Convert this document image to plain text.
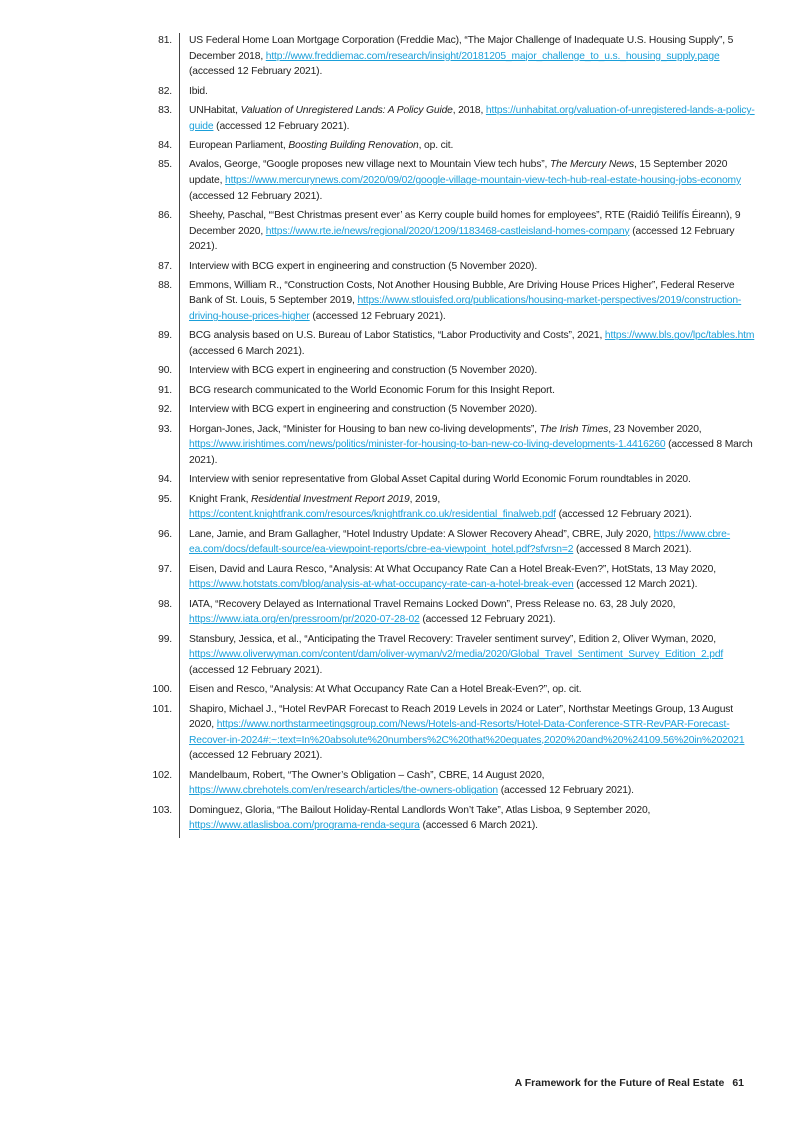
81.	US Federal Home Loan Mortgage Corporation (Freddie Mac), “The Major Challenge of Inadequate U.S. Housing Supply”, 5 December 2018, http://www.freddiemac.com/research/insight/20181205_major_challenge_to_u.s._housing_supply.page (accessed 12 February 2021).
82.	Ibid.
83.	UNHabitat, Valuation of Unregistered Lands: A Policy Guide, 2018, https://unhabitat.org/valuation-of-unregistered-lands-a-policy-guide (accessed 12 February 2021).
84.	European Parliament, Boosting Building Renovation, op. cit.
85.	Avalos, George, “Google proposes new village next to Mountain View tech hubs”, The Mercury News, 15 September 2020 update, https://www.mercurynews.com/2020/09/02/google-village-mountain-view-tech-hub-real-estate-housing-jobs-economy (accessed 12 February 2021).
86.	Sheehy, Paschal, “‘Best Christmas present ever’ as Kerry couple build homes for employees”, RTE (Raidió Teilifís Éireann), 9 December 2020, https://www.rte.ie/news/regional/2020/1209/1183468-castleisland-homes-company (accessed 12 February 2021).
87.	Interview with BCG expert in engineering and construction (5 November 2020).
88.	Emmons, William R., “Construction Costs, Not Another Housing Bubble, Are Driving House Prices Higher”, Federal Reserve Bank of St. Louis, 5 September 2019, https://www.stlouisfed.org/publications/housing-market-perspectives/2019/construction-driving-house-prices-higher (accessed 12 February 2021).
89.	BCG analysis based on U.S. Bureau of Labor Statistics, “Labor Productivity and Costs”, 2021, https://www.bls.gov/lpc/tables.htm (accessed 6 March 2021).
90.	Interview with BCG expert in engineering and construction (5 November 2020).
91.	BCG research communicated to the World Economic Forum for this Insight Report.
92.	Interview with BCG expert in engineering and construction (5 November 2020).
93.	Horgan-Jones, Jack, “Minister for Housing to ban new co-living developments”, The Irish Times, 23 November 2020, https://www.irishtimes.com/news/politics/minister-for-housing-to-ban-new-co-living-developments-1.4416260 (accessed 8 March 2021).
94.	Interview with senior representative from Global Asset Capital during World Economic Forum roundtables in 2020.
95.	Knight Frank, Residential Investment Report 2019, 2019, https://content.knightfrank.com/resources/knightfrank.co.uk/residential_finalweb.pdf (accessed 12 February 2021).
96.	Lane, Jamie, and Bram Gallagher, “Hotel Industry Update: A Slower Recovery Ahead”, CBRE, July 2020, https://www.cbre-ea.com/docs/default-source/ea-viewpoint-reports/cbre-ea-viewpoint_hotel.pdf?sfvrsn=2 (accessed 8 March 2021).
97.	Eisen, David and Laura Resco, “Analysis: At What Occupancy Rate Can a Hotel Break-Even?”, HotStats, 13 May 2020, https://www.hotstats.com/blog/analysis-at-what-occupancy-rate-can-a-hotel-break-even (accessed 12 March 2021).
98.	IATA, “Recovery Delayed as International Travel Remains Locked Down”, Press Release no. 63, 28 July 2020, https://www.iata.org/en/pressroom/pr/2020-07-28-02 (accessed 12 February 2021).
99.	Stansbury, Jessica, et al., “Anticipating the Travel Recovery: Traveler sentiment survey”, Edition 2, Oliver Wyman, 2020, https://www.oliverwyman.com/content/dam/oliver-wyman/v2/media/2020/Global_Travel_Sentiment_Survey_Edition_2.pdf (accessed 12 February 2021).
100.	Eisen and Resco, “Analysis: At What Occupancy Rate Can a Hotel Break-Even?”, op. cit.
101.	Shapiro, Michael J., “Hotel RevPAR Forecast to Reach 2019 Levels in 2024 or Later”, Northstar Meetings Group, 13 August 2020, https://www.northstarmeetingsgroup.com/News/Hotels-and-Resorts/Hotel-Data-Conference-STR-RevPAR-Forecast-Recover-in-2024#:~:text=In%20absolute%20numbers%2C%20that%20equates,2020%20and%20%24109.56%20in%202021 (accessed 12 February 2021).
102.	Mandelbaum, Robert, “The Owner’s Obligation – Cash”, CBRE, 14 August 2020, https://www.cbrehotels.com/en/research/articles/the-owners-obligation (accessed 12 February 2021).
103.	Dominguez, Gloria, “The Bailout Holiday-Rental Landlords Won’t Take”, Atlas Lisboa, 9 September 2020, https://www.atlaslisboa.com/programa-renda-segura (accessed 6 March 2021).
A Framework for the Future of Real Estate 61
